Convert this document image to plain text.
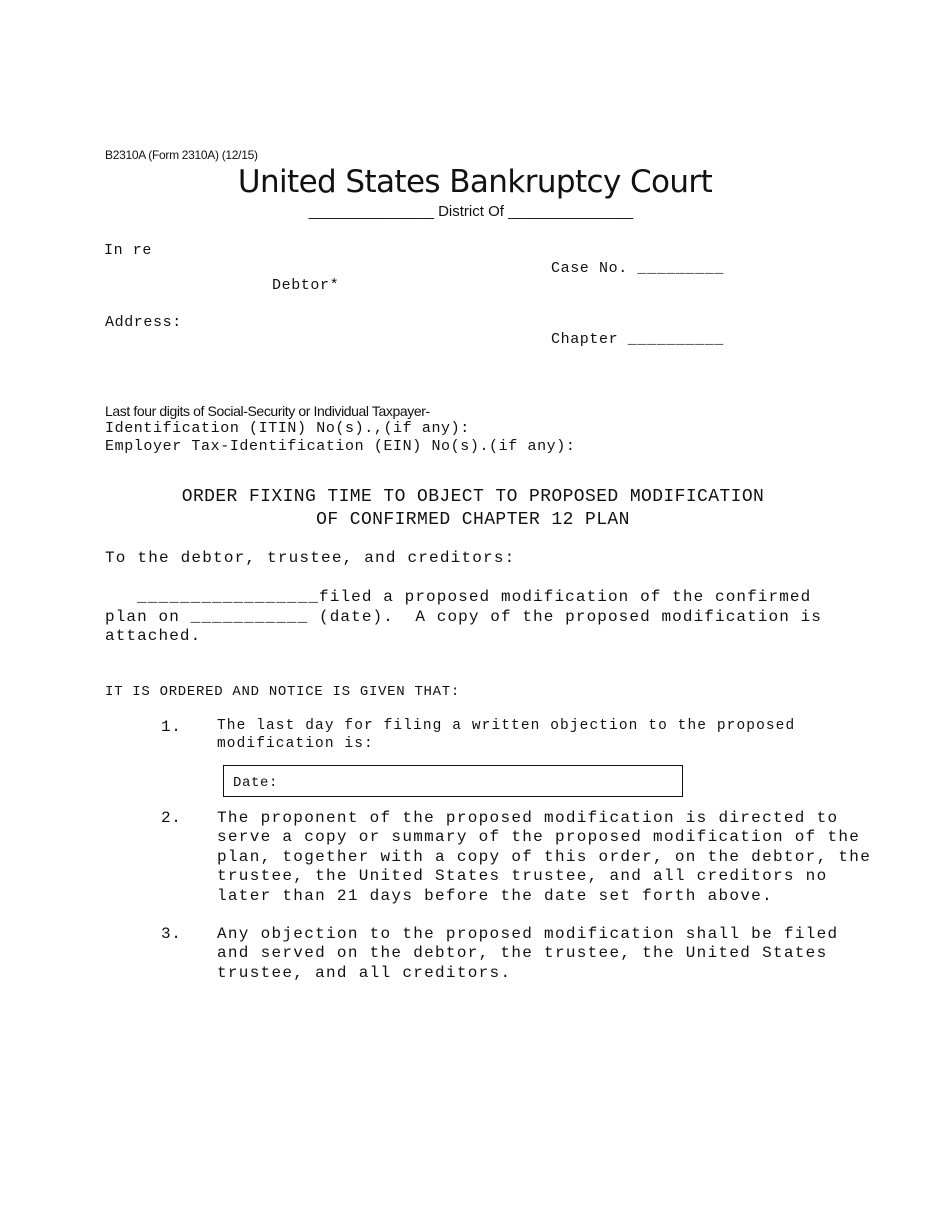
B2310A (Form 2310A) (12/15)
United States Bankruptcy Court
_______________ District Of _______________
In re
Case No. _________
Debtor*
Address:
Chapter __________
Last four digits of Social-Security or Individual Taxpayer-
Identification (ITIN) No(s).,(if any):
Employer Tax-Identification (EIN) No(s).(if any):
ORDER FIXING TIME TO OBJECT TO PROPOSED MODIFICATION
OF CONFIRMED CHAPTER 12 PLAN
To the debtor, trustee, and creditors:
_________________filed a proposed modification of the confirmed
plan on ___________ (date).  A copy of the proposed modification is
attached.
IT IS ORDERED AND NOTICE IS GIVEN THAT:
1. The last day for filing a written objection to the proposed
modification is:
Date:
2. The proponent of the proposed modification is directed to
serve a copy or summary of the proposed modification of the
plan, together with a copy of this order, on the debtor, the
trustee, the United States trustee, and all creditors no
later than 21 days before the date set forth above.
3. Any objection to the proposed modification shall be filed
and served on the debtor, the trustee, the United States
trustee, and all creditors.
